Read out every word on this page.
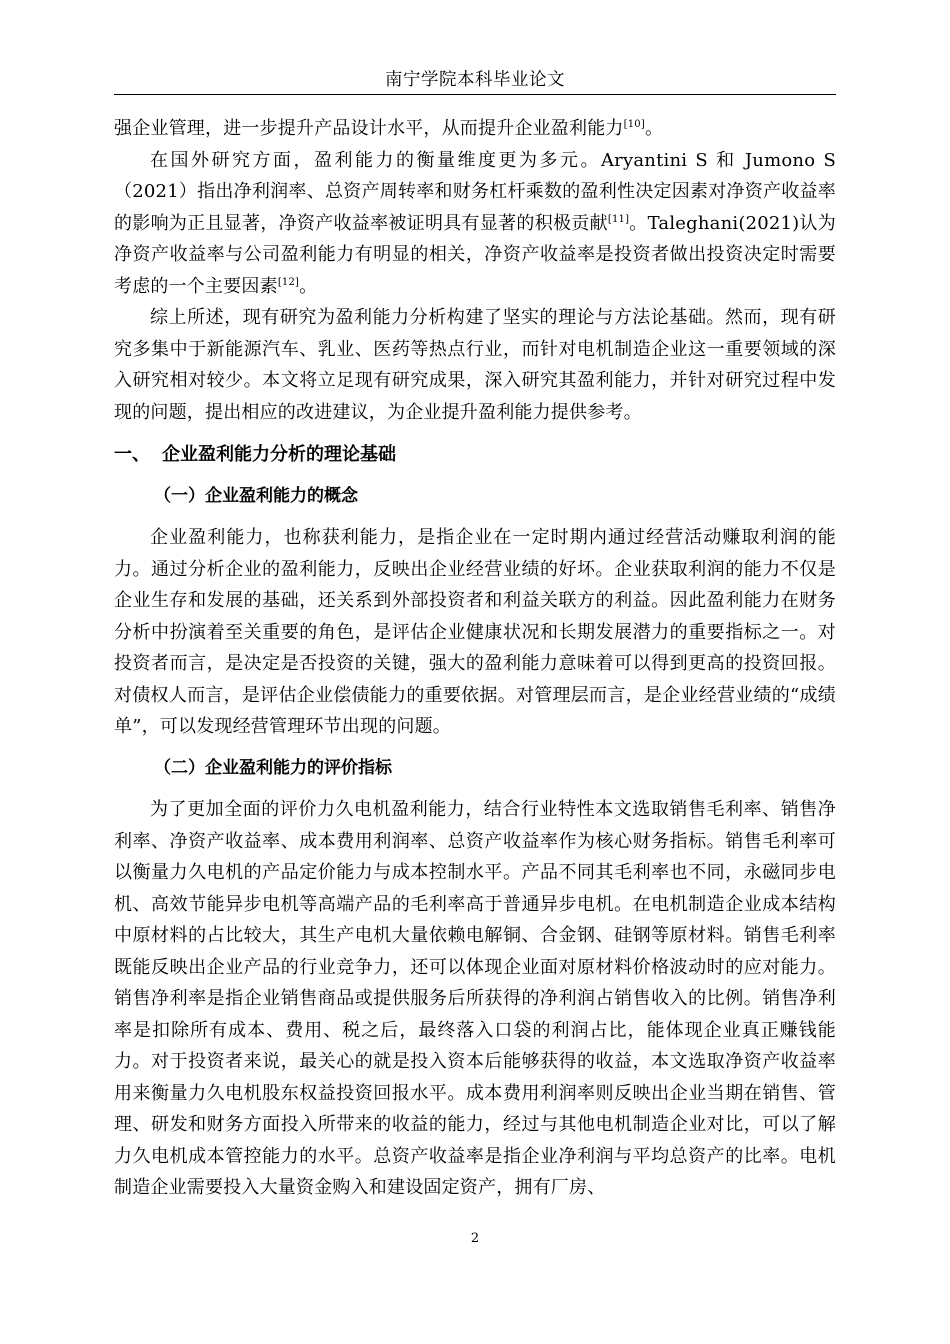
南宁学院本科毕业论文

强企业管理，进一步提升产品设计水平，从而提升企业盈利能力[10]。

在国外研究方面，盈利能力的衡量维度更为多元。Aryantini S 和 Jumono S（2021）指出净利润率、总资产周转率和财务杠杆乘数的盈利性决定因素对净资产收益率的影响为正且显著，净资产收益率被证明具有显著的积极贡献[11]。Taleghani(2021)认为净资产收益率与公司盈利能力有明显的相关，净资产收益率是投资者做出投资决定时需要考虑的一个主要因素[12]。

综上所述，现有研究为盈利能力分析构建了坚实的理论与方法论基础。然而，现有研究多集中于新能源汽车、乳业、医药等热点行业，而针对电机制造企业这一重要领域的深入研究相对较少。本文将立足现有研究成果，深入研究其盈利能力，并针对研究过程中发现的问题，提出相应的改进建议，为企业提升盈利能力提供参考。

一、 企业盈利能力分析的理论基础
（一）企业盈利能力的概念

企业盈利能力，也称获利能力，是指企业在一定时期内通过经营活动赚取利润的能力。通过分析企业的盈利能力，反映出企业经营业绩的好坏。企业获取利润的能力不仅是企业生存和发展的基础，还关系到外部投资者和利益关联方的利益。因此盈利能力在财务分析中扮演着至关重要的角色，是评估企业健康状况和长期发展潜力的重要指标之一。对投资者而言，是决定是否投资的关键，强大的盈利能力意味着可以得到更高的投资回报。对债权人而言，是评估企业偿债能力的重要依据。对管理层而言，是企业经营业绩的“成绩单”，可以发现经营管理环节出现的问题。

（二）企业盈利能力的评价指标

为了更加全面的评价力久电机盈利能力，结合行业特性本文选取销售毛利率、销售净利率、净资产收益率、成本费用利润率、总资产收益率作为核心财务指标。销售毛利率可以衡量力久电机的产品定价能力与成本控制水平。产品不同其毛利率也不同，永磁同步电机、高效节能异步电机等高端产品的毛利率高于普通异步电机。在电机制造企业成本结构中原材料的占比较大，其生产电机大量依赖电解铜、合金钢、硅钢等原材料。销售毛利率既能反映出企业产品的行业竞争力，还可以体现企业面对原材料价格波动时的应对能力。销售净利率是指企业销售商品或提供服务后所获得的净利润占销售收入的比例。销售净利率是扣除所有成本、费用、税之后，最终落入口袋的利润占比，能体现企业真正赚钱能力。对于投资者来说，最关心的就是投入资本后能够获得的收益，本文选取净资产收益率用来衡量力久电机股东权益投资回报水平。成本费用利润率则反映出企业当期在销售、管理、研发和财务方面投入所带来的收益的能力，经过与其他电机制造企业对比，可以了解力久电机成本管控能力的水平。总资产收益率是指企业净利润与平均总资产的比率。电机制造企业需要投入大量资金购入和建设固定资产，拥有厂房、

2
